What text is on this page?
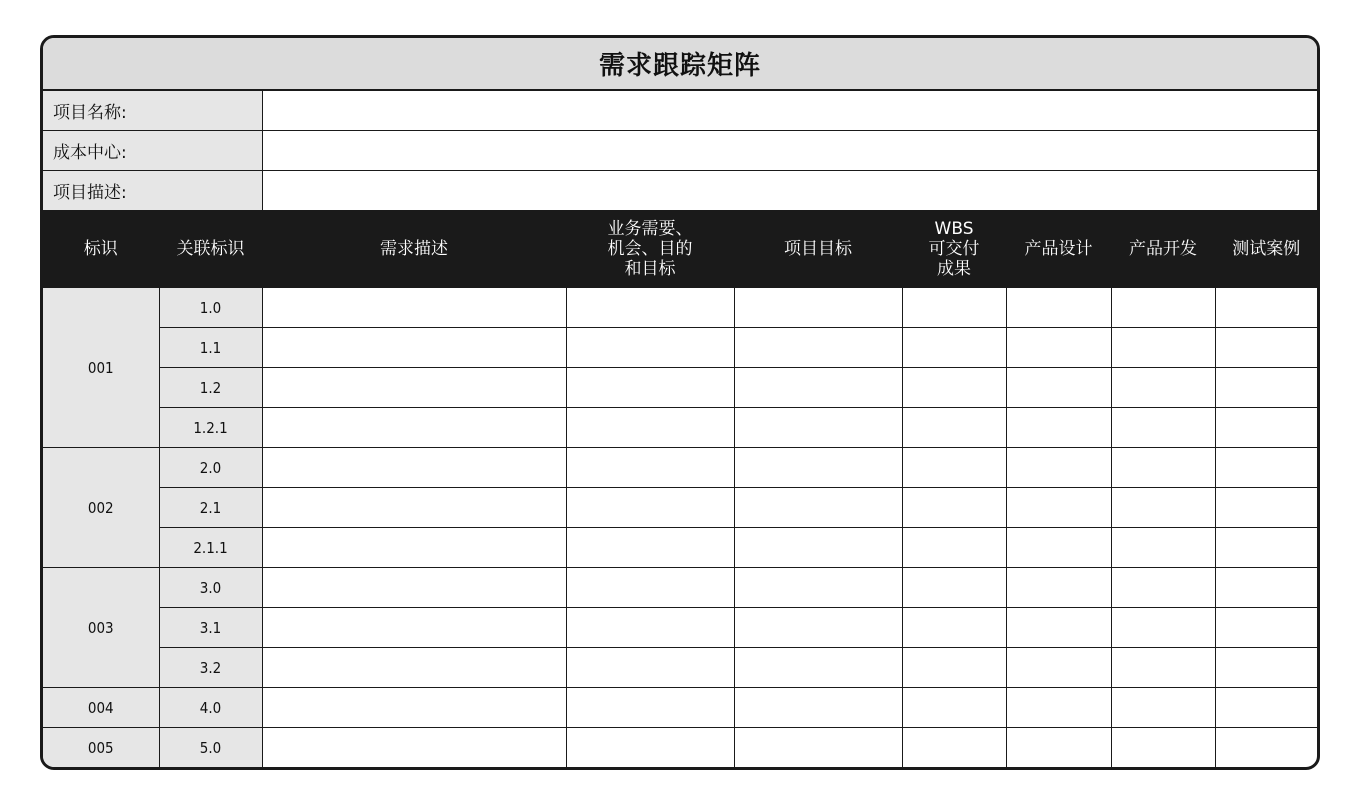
需求跟踪矩阵
项目名称:								
成本中心:								
项目描述:								

标识	关联标识	需求描述	业务需要、
机会、目的
和目标	项目目标	WBS
可交付
成果	产品设计	产品开发	测试案例

001	1.0							
	1.1							
	1.2							
	1.2.1							
002	2.0							
	2.1							
	2.1.1							
003	3.0							
	3.1							
	3.2							
004	4.0							
005	5.0							
